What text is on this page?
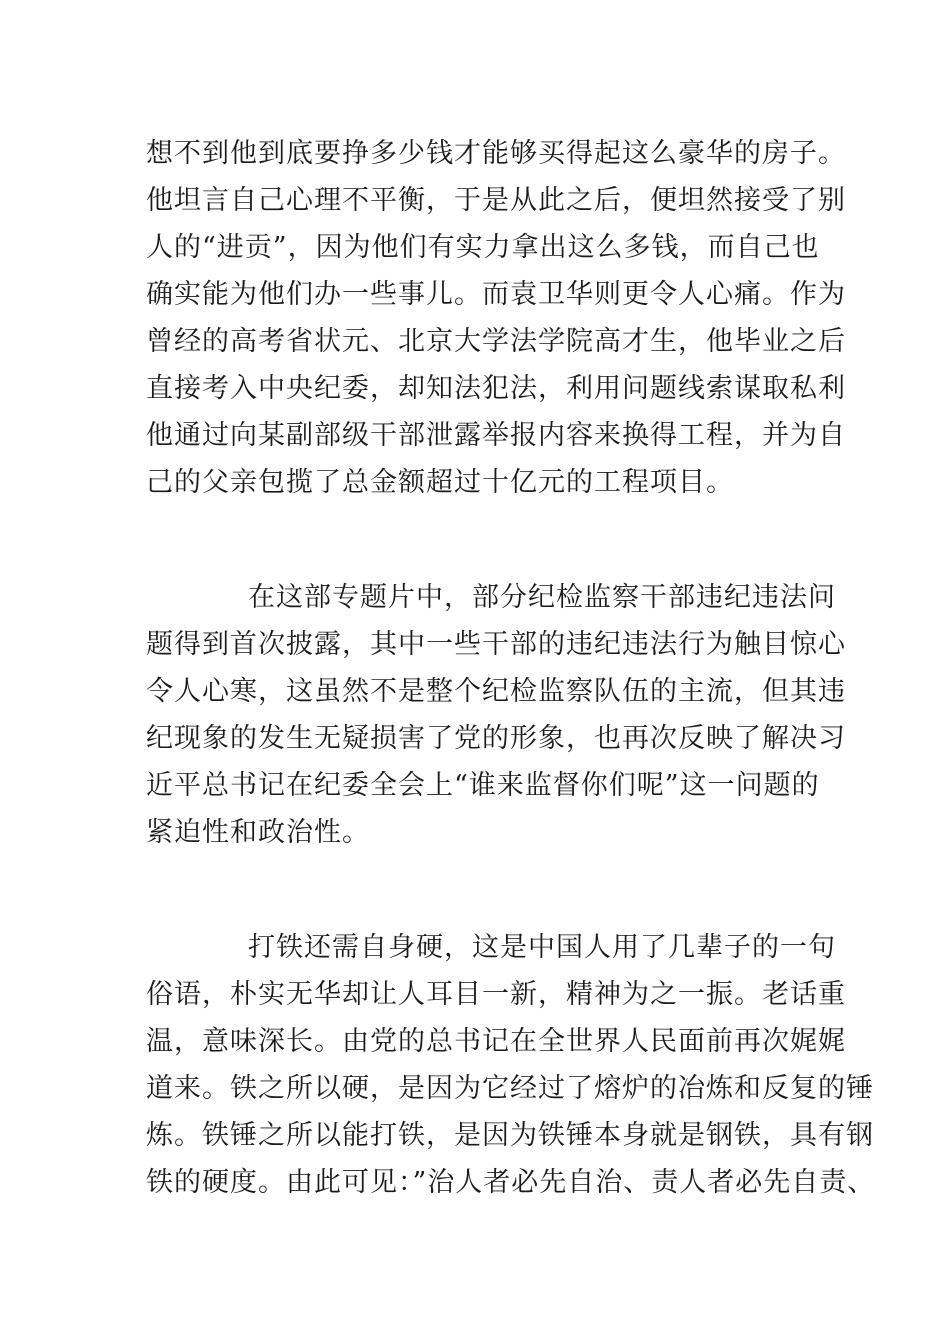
想不到他到底要挣多少钱才能够买得起这么豪华的房子。
他坦言自己心理不平衡，于是从此之后，便坦然接受了别
人的“进贡”，因为他们有实力拿出这么多钱，而自己也
确实能为他们办一些事儿。而袁卫华则更令人心痛。作为
曾经的高考省状元、北京大学法学院高才生，他毕业之后
直接考入中央纪委，却知法犯法，利用问题线索谋取私利
他通过向某副部级干部泄露举报内容来换得工程，并为自
己的父亲包揽了总金额超过十亿元的工程项目。
在这部专题片中，部分纪检监察干部违纪违法问
题得到首次披露，其中一些干部的违纪违法行为触目惊心
令人心寒，这虽然不是整个纪检监察队伍的主流，但其违
纪现象的发生无疑损害了党的形象，也再次反映了解决习
近平总书记在纪委全会上“谁来监督你们呢”这一问题的
紧迫性和政治性。
打铁还需自身硬，这是中国人用了几辈子的一句
俗语，朴实无华却让人耳目一新，精神为之一振。老话重
温，意味深长。由党的总书记在全世界人民面前再次娓娓
道来。铁之所以硬，是因为它经过了熔炉的冶炼和反复的锤
炼。铁锤之所以能打铁，是因为铁锤本身就是钢铁，具有钢
铁的硬度。由此可见：”治人者必先自治、责人者必先自责、
